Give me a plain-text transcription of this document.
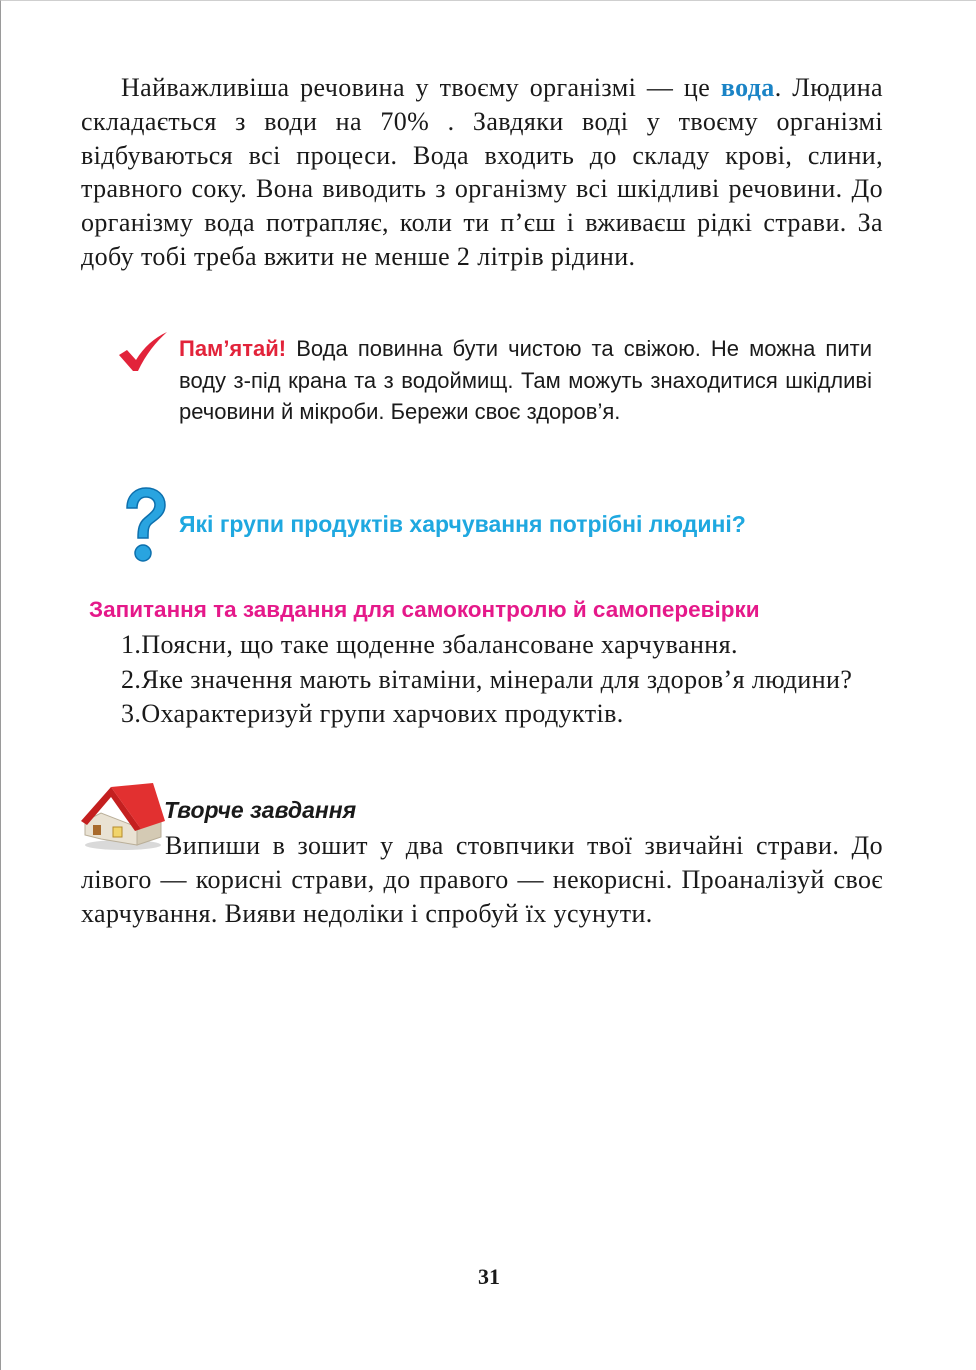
Найважливіша речовина у твоєму організмі — це вода. Людина складається з води на 70% . Завдяки воді у твоєму організмі відбуваються всі процеси. Вода входить до складу крові, слини, травного соку. Вона виводить з організму всі шкідливі речовини. До організму вода потрапляє, коли ти п’єш і вживаєш рідкі страви. За добу тобі треба вжити не менше 2 літрів рідини.

Пам’ятай! Вода повинна бути чистою та свіжою. Не можна пити воду з-під крана та з водоймищ. Там можуть знаходитися шкідливі речовини й мікроби. Бережи своє здоров’я.

Які групи продуктів харчування потрібні людині?

Запитання та завдання для самоконтролю й самоперевірки

1.Поясни, що таке щоденне збалансоване харчування.
2.Яке значення мають вітаміни, мінерали для здоров’я людини?
3.Охарактеризуй групи харчових продуктів.

Творче завдання

Випиши в зошит у два стовпчики твої звичайні страви. До лівого — корисні страви, до правого — некорисні. Проаналізуй своє харчування. Вияви недоліки і спробуй їх усунути.

31
